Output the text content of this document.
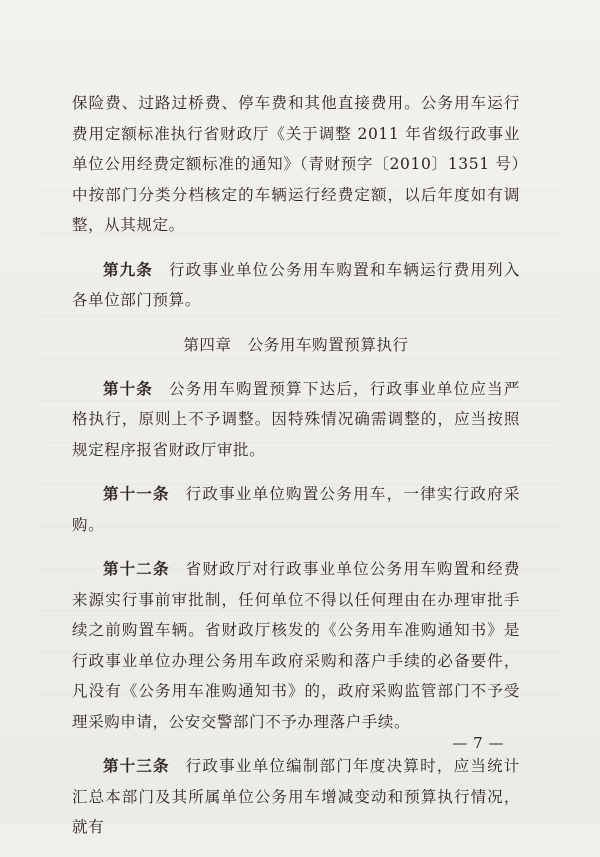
保险费、过路过桥费、停车费和其他直接费用。公务用车运行费用定额标准执行省财政厅《关于调整 2011 年省级行政事业单位公用经费定额标准的通知》（青财预字〔2010〕1351 号）中按部门分类分档核定的车辆运行经费定额，以后年度如有调整，从其规定。

第九条 行政事业单位公务用车购置和车辆运行费用列入各单位部门预算。

第四章 公务用车购置预算执行

第十条 公务用车购置预算下达后，行政事业单位应当严格执行，原则上不予调整。因特殊情况确需调整的，应当按照规定程序报省财政厅审批。

第十一条 行政事业单位购置公务用车，一律实行政府采购。

第十二条 省财政厅对行政事业单位公务用车购置和经费来源实行事前审批制，任何单位不得以任何理由在办理审批手续之前购置车辆。省财政厅核发的《公务用车准购通知书》是行政事业单位办理公务用车政府采购和落户手续的必备要件，凡没有《公务用车准购通知书》的，政府采购监管部门不予受理采购申请，公安交警部门不予办理落户手续。

第十三条 行政事业单位编制部门年度决算时，应当统计汇总本部门及其所属单位公务用车增减变动和预算执行情况，就有

— 7 —
